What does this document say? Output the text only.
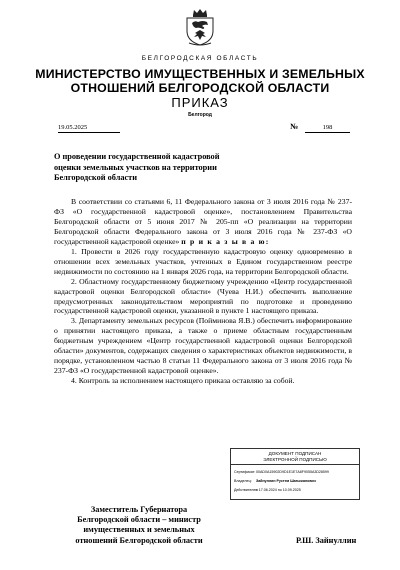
БЕЛГОРОДСКАЯ ОБЛАСТЬ
МИНИСТЕРСТВО ИМУЩЕСТВЕННЫХ И ЗЕМЕЛЬНЫХ
ОТНОШЕНИЙ БЕЛГОРОДСКОЙ ОБЛАСТИ
ПРИКАЗ
Белгород
19.05.2025	№	198
О проведении государственной кадастровой
оценки земельных участков на территории
Белгородской области

В соответствии со статьями 6, 11 Федерального закона от 3 июля 2016 года № 237-ФЗ «О государственной кадастровой оценке», постановлением Правительства Белгородской области от 5 июня 2017 № 205-пп «О реализации на территории Белгородской области Федерального закона от 3 июля 2016 года № 237-ФЗ «О государственной кадастровой оценке» п р и к а з ы в а ю:

1. Провести в 2026 году государственную кадастровую оценку одновременно в отношении всех земельных участков, учтенных в Едином государственном реестре недвижимости по состоянию на 1 января 2026 года, на территории Белгородской области.

2. Областному государственному бюджетному учреждению «Центр государственной кадастровой оценки Белгородской области» (Чуева Н.И.) обеспечить выполнение предусмотренных законодательством мероприятий по подготовке и проведению государственной кадастровой оценки, указанной в пункте 1 настоящего приказа.

3. Департаменту земельных ресурсов (Пойминова Я.В.) обеспечить информирование о принятии настоящего приказа, а также о приеме областным государственным бюджетным учреждением «Центр государственной кадастровой оценки Белгородской области» документов, содержащих сведения о характеристиках объектов недвижимости, в порядке, установленном частью 8 статьи 11 Федерального закона от 3 июля 2016 года № 237-ФЗ «О государственной кадастровой оценке».

4. Контроль за исполнением настоящего приказа оставляю за собой.

ДОКУМЕНТ ПОДПИСАН
ЭЛЕКТРОННОЙ ПОДПИСЬЮ
Сертификат:00AD0A15902D9D1E1E7A8F9055A3D28599
Владелец: Зайнуллин Рустем Шагыжанович
Действителен:с 17.06.2024 по 10.09.2025
Заместитель Губернатора
Белгородской области – министр
имущественных и земельных
отношений Белгородской области	Р.Ш. Зайнуллин
